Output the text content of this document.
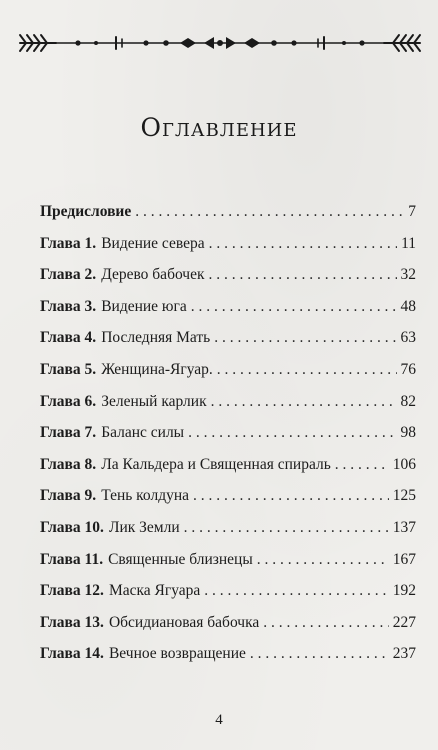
Оглавление
Предисловие . . .	7
Глава 1. Видение севера . . .	11
Глава 2. Дерево бабочек . . .	32
Глава 3. Видение юга . . .	48
Глава 4. Последняя Мать . . .	63
Глава 5. Женщина-Ягуар. . . .	76
Глава 6. Зеленый карлик . . .	82
Глава 7. Баланс силы . . .	98
Глава 8. Ла Кальдера и Священная спираль . . .	106
Глава 9. Тень колдуна . . .	125
Глава 10. Лик Земли . . .	137
Глава 11. Священные близнецы . . .	167
Глава 12. Маска Ягуара . . .	192
Глава 13. Обсидиановая бабочка . . .	227
Глава 14. Вечное возвращение . . .	237
4
